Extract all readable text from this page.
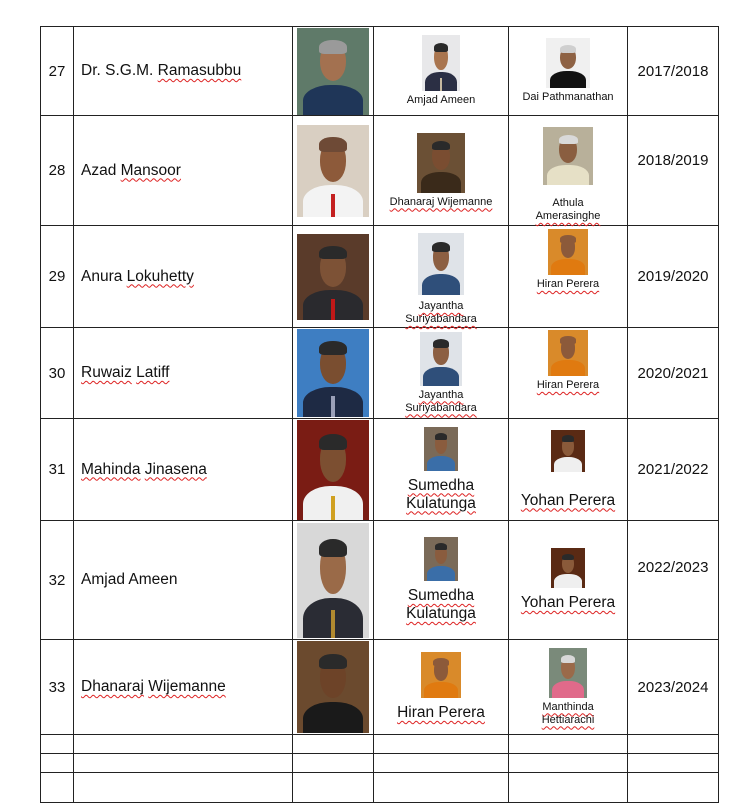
27	Dr. S.G.M. Ramasubbu		Amjad Ameen	Dai Pathmanathan	2017/2018
28	Azad Mansoor		Dhanaraj Wijemanne	Athula
Amerasinghe	2018/2019
29	Anura Lokuhetty		Jayantha
Suriyabandara	Hiran Perera	2019/2020
30	Ruwaiz Latiff		Jayantha
Suriyabandara	Hiran Perera	2020/2021
31	Mahinda Jinasena		Sumedha
Kulatunga	Yohan Perera	2021/2022
32	Amjad Ameen		Sumedha
Kulatunga	Yohan Perera	2022/2023
33	Dhanaraj Wijemanne		Hiran Perera	Manthinda
Hettiarachi	2023/2024
